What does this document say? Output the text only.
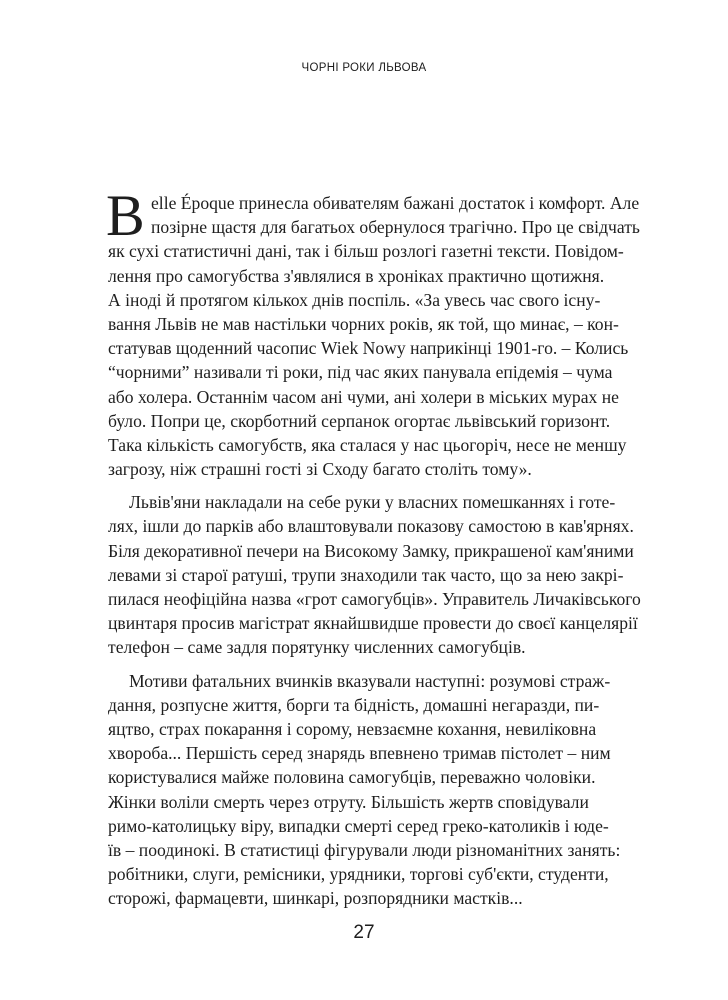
ЧОРНІ РОКИ ЛЬВОВА
B elle Époque принесла обивателям бажані достаток і комфорт. Але
позірне щастя для багатьох обернулося трагічно. Про це свідчать
як сухі статистичні дані, так і більш розлогі газетні тексти. Повідом-
лення про самогубства з'являлися в хроніках практично щотижня.
А іноді й протягом кількох днів поспіль. «За увесь час свого існу-
вання Львів не мав настільки чорних років, як той, що минає, – кон-
статував щоденний часопис Wiek Nowy наприкінці 1901-го. – Колись
“чорними” називали ті роки, під час яких панувала епідемія – чума
або холера. Останнім часом ані чуми, ані холери в міських мурах не
було. Попри це, скорботний серпанок огортає львівський горизонт.
Така кількість самогубств, яка сталася у нас цьогоріч, несе не меншу
загрозу, ніж страшні гості зі Сходу багато століть тому».
Львів'яни накладали на себе руки у власних помешканнях і готе-
лях, ішли до парків або влаштовували показову самостою в кав'ярнях.
Біля декоративної печери на Високому Замку, прикрашеної кам'яними
левами зі старої ратуші, трупи знаходили так часто, що за нею закрі-
пилася неофіційна назва «грот самогубців». Управитель Личаківського
цвинтаря просив магістрат якнайшвидше провести до своєї канцелярії
телефон – саме задля порятунку численних самогубців.
Мотиви фатальних вчинків вказували наступні: розумові страж-
дання, розпусне життя, борги та бідність, домашні негаразди, пи-
яцтво, страх покарання і сорому, невзаємне кохання, невиліковна
хвороба... Першість серед знарядь впевнено тримав пістолет – ним
користувалися майже половина самогубців, переважно чоловіки.
Жінки воліли смерть через отруту. Більшість жертв сповідували
римо-католицьку віру, випадки смерті серед греко-католиків і юде-
їв – поодинокі. В статистиці фігурували люди різноманітних занять:
робітники, слуги, ремісники, урядники, торгові суб'єкти, студенти,
сторожі, фармацевти, шинкарі, розпорядники мастків...
27
